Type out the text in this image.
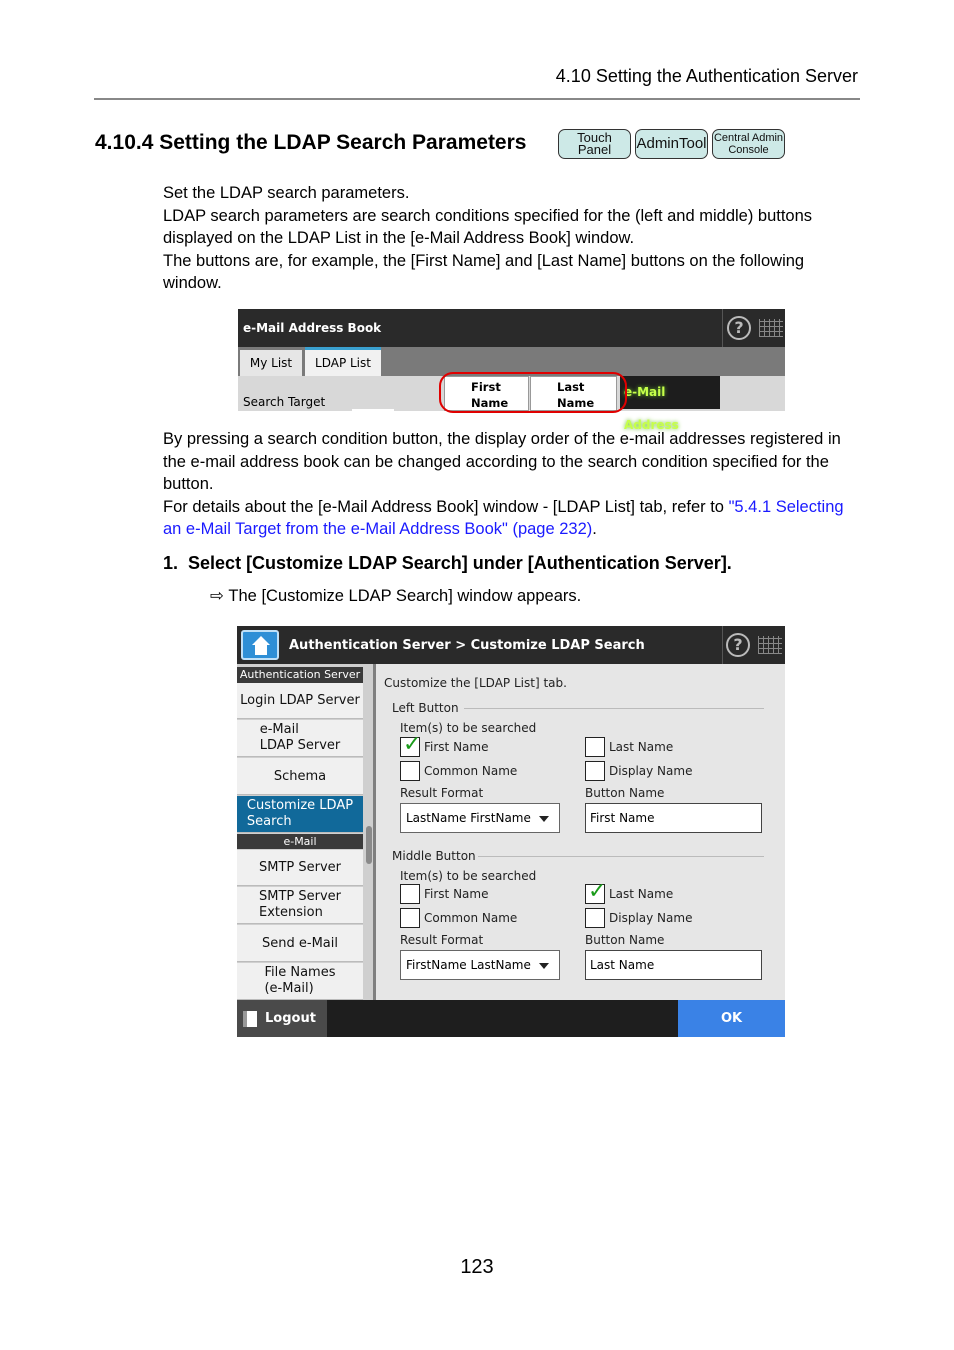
4.10 Setting the Authentication Server
4.10.4 Setting the LDAP Search Parameters	Touch
Panel	AdminTool Central Admin
Console
Set the LDAP search parameters.
LDAP search parameters are search conditions specified for the (left and middle) buttons displayed on the LDAP List in the [e-Mail Address Book] window.
The buttons are, for example, the [First Name] and [Last Name] buttons on the following window.
e-Mail Address Book	?
My List	LDAP List
Search Target
First
Name
Last
Name
e-Mail Address
By pressing a search condition button, the display order of the e-mail addresses registered in the e-mail address book can be changed according to the search condition specified for the button.
For details about the [e-Mail Address Book] window - [LDAP List] tab, refer to "5.4.1 Selecting an e-Mail Target from the e-Mail Address Book" (page 232).
1. Select [Customize LDAP Search] under [Authentication Server].
⇨ The [Customize LDAP Search] window appears.
Authentication Server > Customize LDAP Search	?
Authentication Server
Login LDAP Server
e-Mail
LDAP Server
Schema
Customize LDAP
Search
e-Mail
SMTP Server
SMTP Server
Extension
Send e-Mail
File Names
(e-Mail)
Customize the [LDAP List] tab.
Left Button
Item(s) to be searched
✓ First Name	Last Name
Common Name	Display Name
Result Format	Button Name
LastName FirstName	First Name
Middle Button
Item(s) to be searched
First Name	✓ Last Name
Common Name	Display Name
Result Format	Button Name
FirstName LastName	Last Name
Logout	OK
123
